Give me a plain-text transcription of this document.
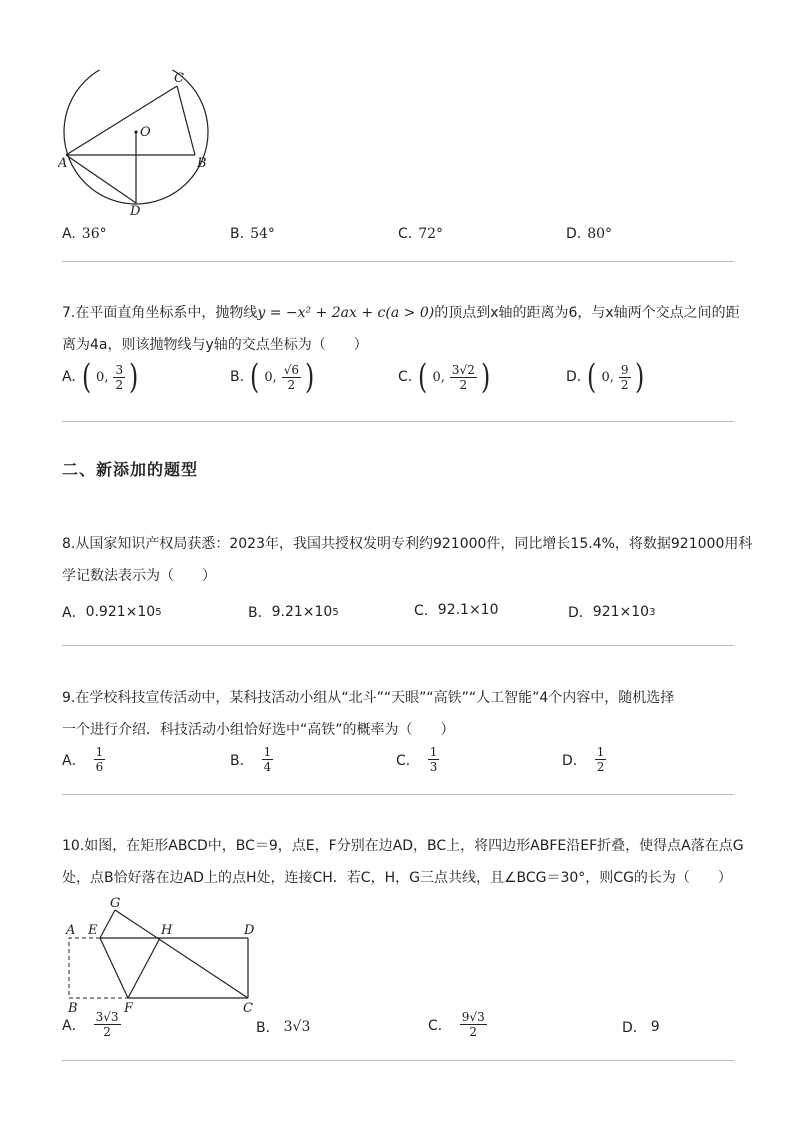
C
O
A	B
D
A. 36°	B. 54°	C. 72°	D. 80°
7.在平面直角坐标系中，抛物线y = −x² + 2ax + c(a > 0)的顶点到x轴的距离为6，与x轴两个交点之间的距
离为4a，则该抛物线与y轴的交点坐标为（　　）
A. ( 0, $\frac{3}{2}$ )	B. ( 0, $\frac{√6}{2}$ )	C. ( 0, $\frac{3√2}{2}$ )	D. ( 0, $\frac{9}{2}$ )
二、新添加的题型
8.从国家知识产权局获悉：2023年，我国共授权发明专利约921000件，同比增长15.4%，将数据921000用科
学记数法表示为（　　）
A． 0.921×10 5	B． 9.21×10 5	C． 92.1×10	D． 921×10 3
9.在学校科技宣传活动中，某科技活动小组从“北斗”“天眼”“高铁”“人工智能”4个内容中，随机选择
一个进行介绍．科技活动小组恰好选中“高铁”的概率为（　　）
A． $\frac{1}{6}$	B． $\frac{1}{4}$	C． $\frac{1}{3}$	D． $\frac{1}{2}$
10.如图，在矩形ABCD中，BC＝9，点E，F分别在边AD，BC上，将四边形ABFE沿EF折叠，使得点A落在点G
处，点B恰好落在边AD上的点H处，连接CH．若C，H，G三点共线，且∠BCG＝30°，则CG的长为（　　）
G
A E	H	D
B	F	C
A． $\frac{3√3}{2}$	B． 3√3	C． $\frac{9√3}{2}$	D． 9
